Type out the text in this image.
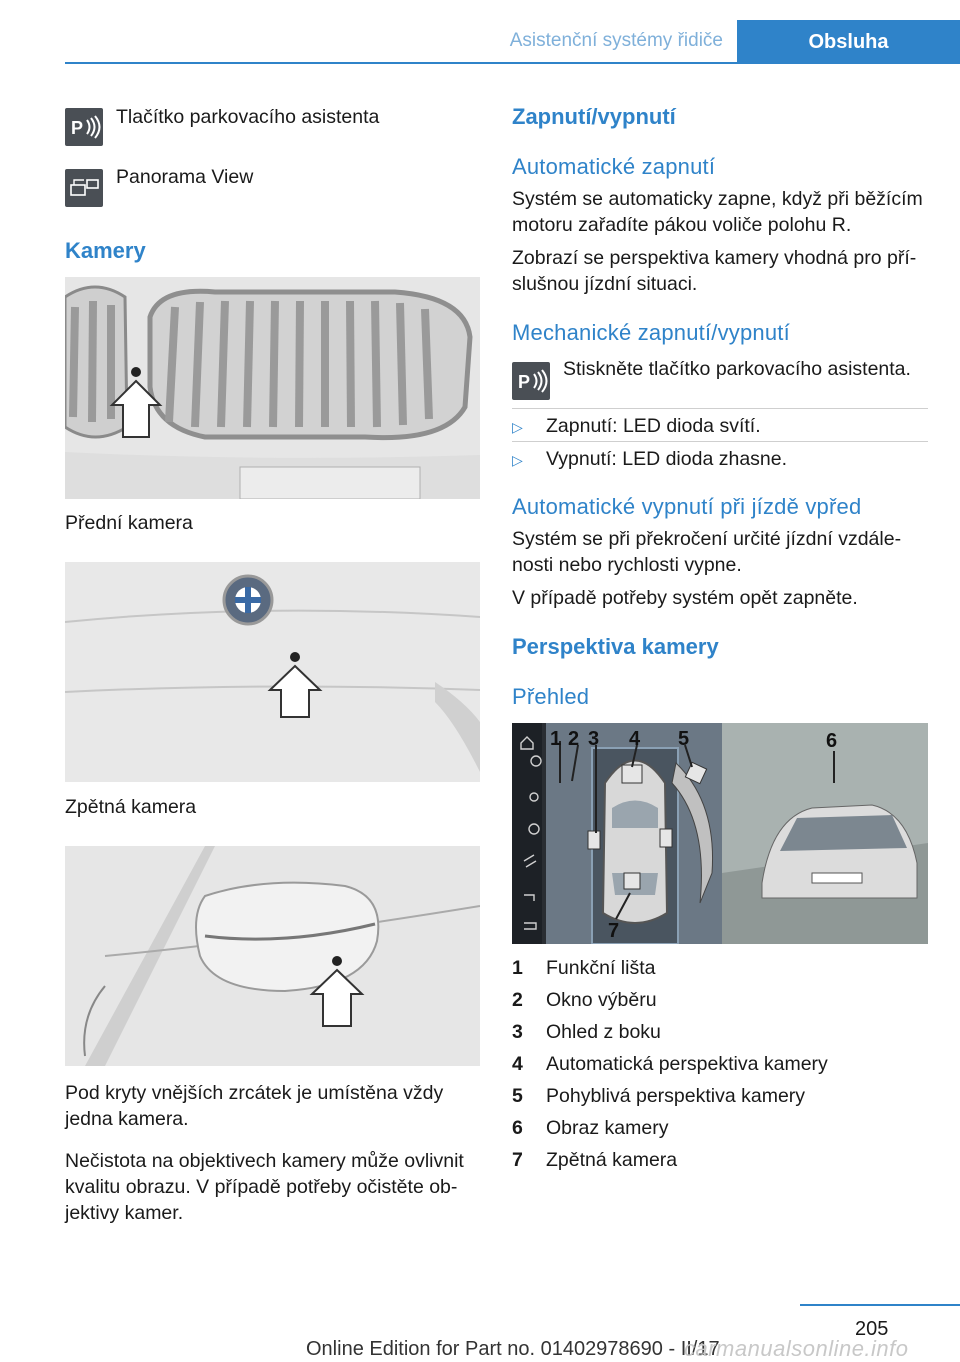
Asistenční systémy řidiče	Obsluha
P Tlačítko parkovacího asistenta
Panorama View
Kamery
Přední kamera
Zpětná kamera
Pod kryty vnějších zrcátek je umístěna vždy
jedna kamera.
Nečistota na objektivech kamery může ovlivnit
kvalitu obrazu. V případě potřeby očistěte ob-
jektivy kamer.
Zapnutí/vypnutí
Automatické zapnutí
Systém se automaticky zapne, když při běžícím
motoru zařadíte pákou voliče polohu R.
Zobrazí se perspektiva kamery vhodná pro pří-
slušnou jízdní situaci.
Mechanické zapnutí/vypnutí
P
Stiskněte tlačítko parkovacího asistenta.
▷ Zapnutí: LED dioda svítí.
▷ Vypnutí: LED dioda zhasne.
Automatické vypnutí při jízdě vpřed
Systém se při překročení určité jízdní vzdále-
nosti nebo rychlosti vypne.
V případě potřeby systém opět zapněte.
Perspektiva kamery
Přehled
1 2 3 4 5	6
7
1 Funkční lišta
2 Okno výběru
3 Ohled z boku
4 Automatická perspektiva kamery
5 Pohyblivá perspektiva kamery
6 Obraz kamery
7 Zpětná kamera
205
Online Edition for Part no. 01402978690 - II/17
carmanualsonline.info
